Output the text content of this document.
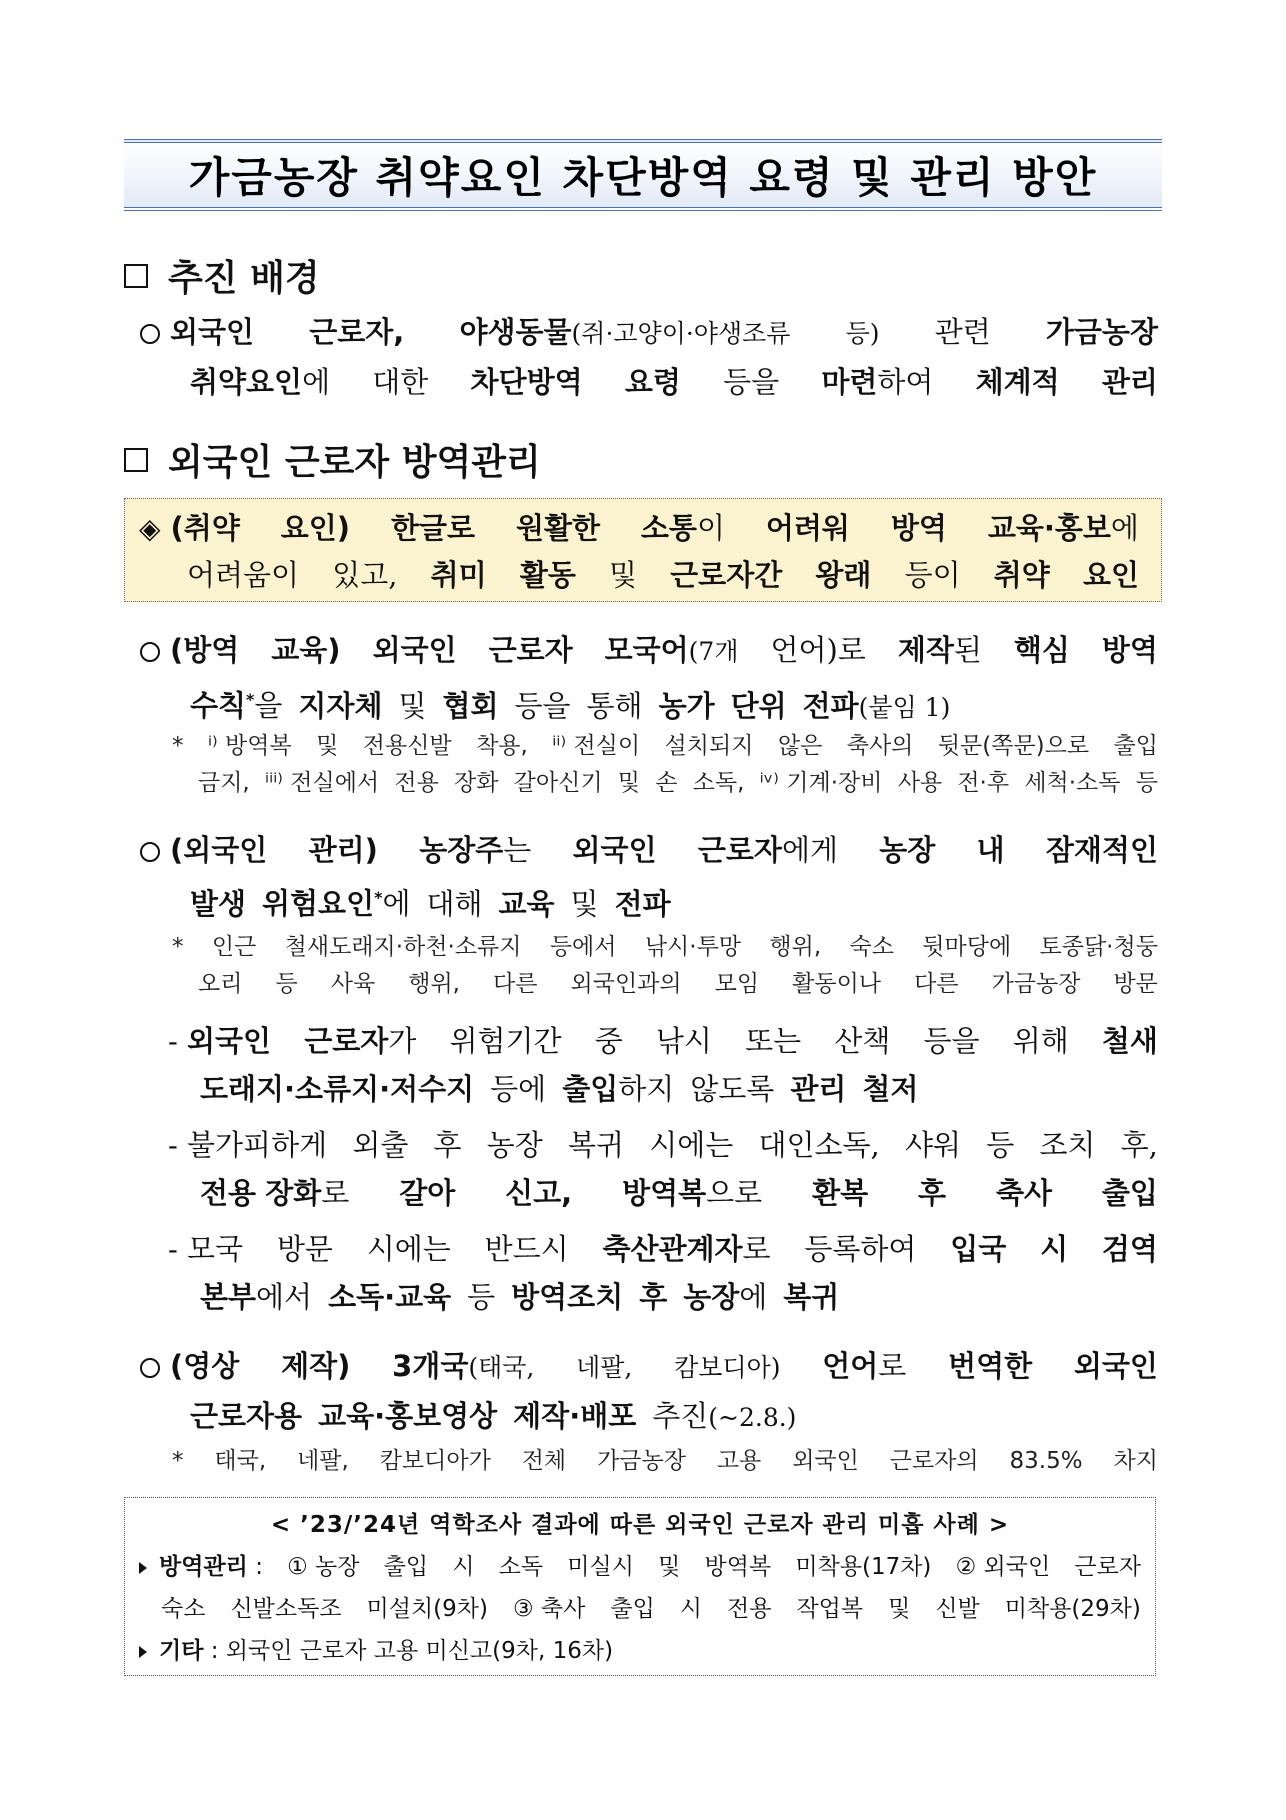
가금농장 취약요인 차단방역 요령 및 관리 방안
추진 배경
외국인 근로자, 야생동물(쥐·고양이·야생조류 등) 관련 가금농장
취약요인에 대한 차단방역 요령 등을 마련하여 체계적 관리
외국인 근로자 방역관리
◈ (취약 요인) 한글로 원활한 소통이 어려워 방역 교육·홍보에
어려움이 있고, 취미 활동 및 근로자간 왕래 등이 취약 요인
(방역 교육) 외국인 근로자 모국어(7개 언어)로 제작된 핵심 방역
수칙*을 지자체 및 협회 등을 통해 농가 단위 전파(붙임 1)
* ⁱ⁾ 방역복 및 전용신발 착용, ⁱⁱ⁾ 전실이 설치되지 않은 축사의 뒷문(쪽문)으로 출입
금지, ⁱⁱⁱ⁾ 전실에서 전용 장화 갈아신기 및 손 소독, ⁱᵛ⁾ 기계·장비 사용 전·후 세척·소독 등
(외국인 관리) 농장주는 외국인 근로자에게 농장 내 잠재적인
발생 위험요인*에 대해 교육 및 전파
* 인근 철새도래지·하천·소류지 등에서 낚시·투망 행위, 숙소 뒷마당에 토종닭·청둥
오리 등 사육 행위, 다른 외국인과의 모임 활동이나 다른 가금농장 방문
- 외국인 근로자가 위험기간 중 낚시 또는 산책 등을 위해 철새
도래지·소류지·저수지 등에 출입하지 않도록 관리 철저
- 불가피하게 외출 후 농장 복귀 시에는 대인소독, 샤워 등 조치 후,
전용 장화로 갈아 신고, 방역복으로 환복 후 축사 출입
- 모국 방문 시에는 반드시 축산관계자로 등록하여 입국 시 검역
본부에서 소독·교육 등 방역조치 후 농장에 복귀
(영상 제작) 3개국(태국, 네팔, 캄보디아) 언어로 번역한 외국인
근로자용 교육·홍보영상 제작·배포 추진(~2.8.)
* 태국, 네팔, 캄보디아가 전체 가금농장 고용 외국인 근로자의 83.5% 차지
< ’23/’24년 역학조사 결과에 따른 외국인 근로자 관리 미흡 사례 >
방역관리 : ① 농장 출입 시 소독 미실시 및 방역복 미착용(17차) ② 외국인 근로자
숙소 신발소독조 미설치(9차) ③ 축사 출입 시 전용 작업복 및 신발 미착용(29차)
기타
: 외국인 근로자 고용 미신고(9차, 16차)
